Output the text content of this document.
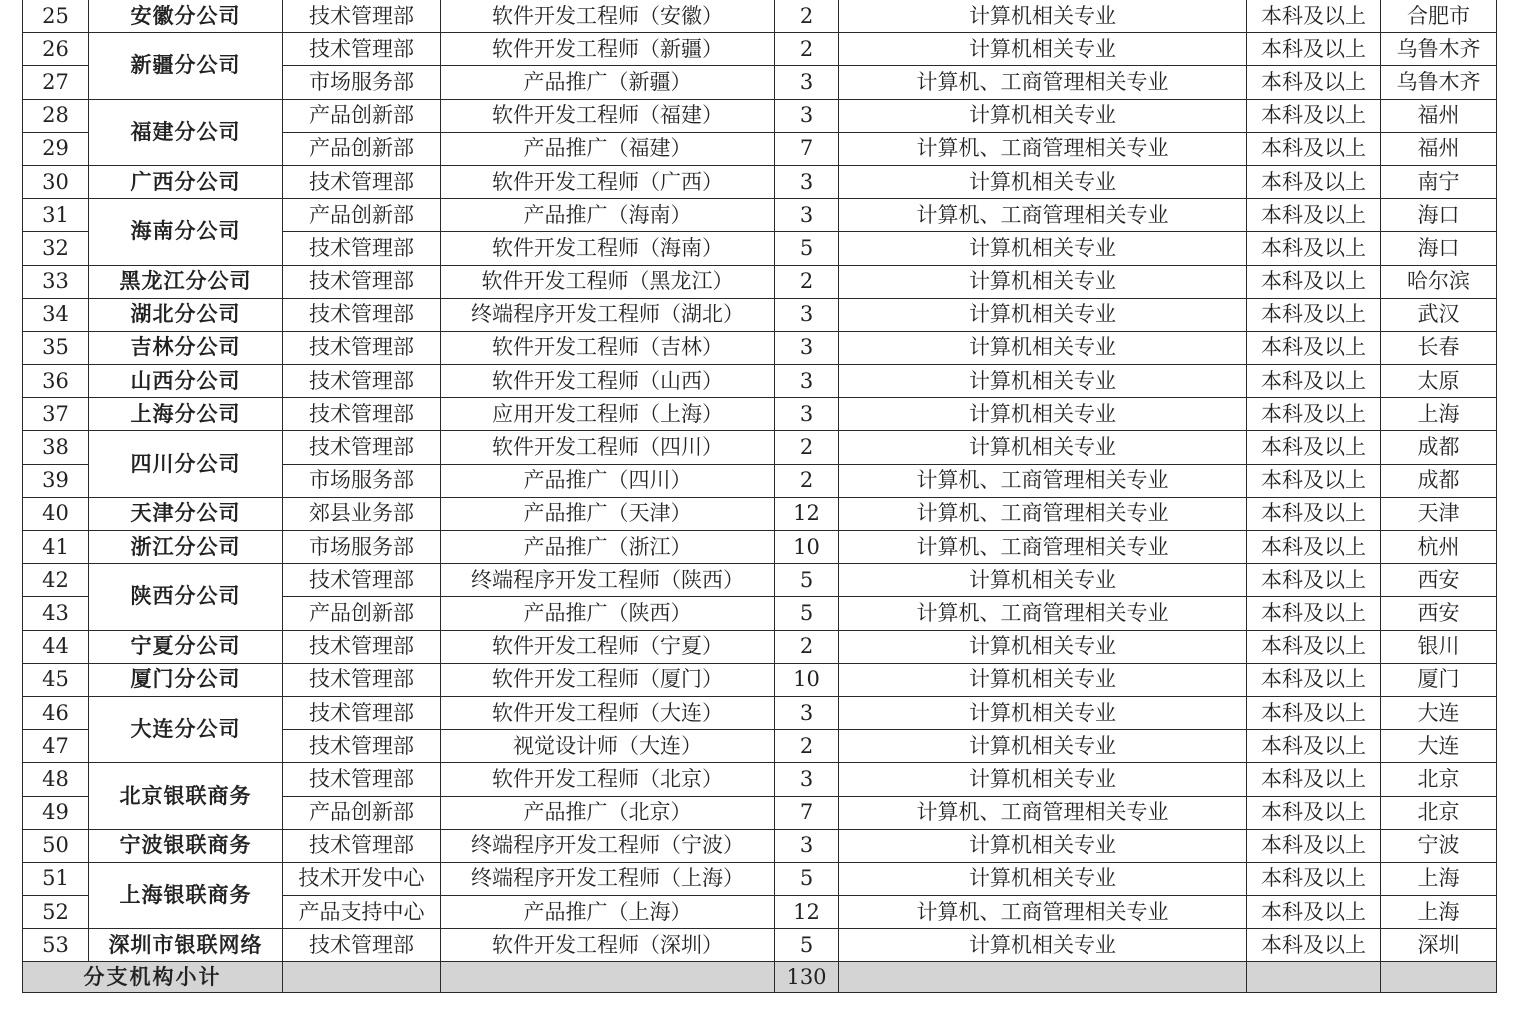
25	安徽分公司	技术管理部	软件开发工程师（安徽）	2	计算机相关专业	本科及以上	合肥市
26	新疆分公司	技术管理部	软件开发工程师（新疆）	2	计算机相关专业	本科及以上	乌鲁木齐
27		市场服务部	产品推广（新疆）	3	计算机、工商管理相关专业	本科及以上	乌鲁木齐
28	福建分公司	产品创新部	软件开发工程师（福建）	3	计算机相关专业	本科及以上	福州
29		产品创新部	产品推广（福建）	7	计算机、工商管理相关专业	本科及以上	福州
30	广西分公司	技术管理部	软件开发工程师（广西）	3	计算机相关专业	本科及以上	南宁
31	海南分公司	产品创新部	产品推广（海南）	3	计算机、工商管理相关专业	本科及以上	海口
32		技术管理部	软件开发工程师（海南）	5	计算机相关专业	本科及以上	海口
33	黑龙江分公司	技术管理部	软件开发工程师（黑龙江）	2	计算机相关专业	本科及以上	哈尔滨
34	湖北分公司	技术管理部	终端程序开发工程师（湖北）	3	计算机相关专业	本科及以上	武汉
35	吉林分公司	技术管理部	软件开发工程师（吉林）	3	计算机相关专业	本科及以上	长春
36	山西分公司	技术管理部	软件开发工程师（山西）	3	计算机相关专业	本科及以上	太原
37	上海分公司	技术管理部	应用开发工程师（上海）	3	计算机相关专业	本科及以上	上海
38	四川分公司	技术管理部	软件开发工程师（四川）	2	计算机相关专业	本科及以上	成都
39		市场服务部	产品推广（四川）	2	计算机、工商管理相关专业	本科及以上	成都
40	天津分公司	郊县业务部	产品推广（天津）	12	计算机、工商管理相关专业	本科及以上	天津
41	浙江分公司	市场服务部	产品推广（浙江）	10	计算机、工商管理相关专业	本科及以上	杭州
42	陕西分公司	技术管理部	终端程序开发工程师（陕西）	5	计算机相关专业	本科及以上	西安
43		产品创新部	产品推广（陕西）	5	计算机、工商管理相关专业	本科及以上	西安
44	宁夏分公司	技术管理部	软件开发工程师（宁夏）	2	计算机相关专业	本科及以上	银川
45	厦门分公司	技术管理部	软件开发工程师（厦门）	10	计算机相关专业	本科及以上	厦门
46	大连分公司	技术管理部	软件开发工程师（大连）	3	计算机相关专业	本科及以上	大连
47		技术管理部	视觉设计师（大连）	2	计算机相关专业	本科及以上	大连
48	北京银联商务	技术管理部	软件开发工程师（北京）	3	计算机相关专业	本科及以上	北京
49		产品创新部	产品推广（北京）	7	计算机、工商管理相关专业	本科及以上	北京
50	宁波银联商务	技术管理部	终端程序开发工程师（宁波）	3	计算机相关专业	本科及以上	宁波
51	上海银联商务	技术开发中心	终端程序开发工程师（上海）	5	计算机相关专业	本科及以上	上海
52		产品支持中心	产品推广（上海）	12	计算机、工商管理相关专业	本科及以上	上海
53	深圳市银联网络	技术管理部	软件开发工程师（深圳）	5	计算机相关专业	本科及以上	深圳
分支机构小计				130			
